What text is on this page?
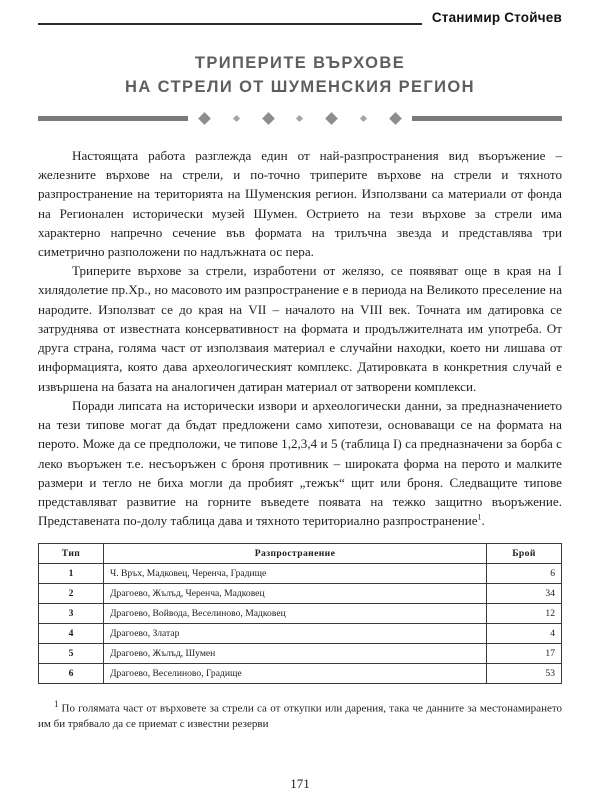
Станимир Стойчев
ТРИПЕРИТЕ ВЪРХОВЕ
НА СТРЕЛИ ОТ ШУМЕНСКИЯ РЕГИОН

Настоящата работа разглежда един от най-разпространения вид въоръжение – железните върхове на стрели, и по-точно триперите върхове на стрели и тяхното разпространение на територията на Шуменския регион. Използвани са материали от фонда на Регионален исторически музей Шумен. Острието на тези върхове за стрели има характерно напречно сечение във формата на трилъчна звезда и представлява три симетрично разположени по надлъжната ос пера.

Триперите върхове за стрели, изработени от желязо, се появяват още в края на I хилядолетие пр.Хр., но масовото им разпространение е в периода на Великото преселение на народите. Използват се до края на VII – началото на VIII век. Точната им датировка се затруднява от известната консервативност на формата и продължителната им употреба. От друга страна, голяма част от използваия материал е случайни находки, което ни лишава от информацията, която дава археологическият комплекс. Датировката в конкретния случай е извършена на базата на аналогичен датиран материал от затворени комплекси.

Поради липсата на исторически извори и археологически данни, за предназначението на тези типове могат да бъдат предложени само хипотези, основаващи се на формата на перото. Може да се предположи, че типове 1,2,3,4 и 5 (таблица I) са предназначени за борба с леко въоръжен т.е. несъоръжен с броня противник – широката форма на перото и малките размери и тегло не биха могли да пробият „тежък“ щит или броня. Следващите типове представляват развитие на горните въведете появата на тежко защитно въоръжение. Представената по-долу таблица дава и тяхното териториално разпространение$^1$.

Тип	Разпространение	Брой
1	Ч. Връх, Мадковец, Черенча, Градище	6
2	Драгоево, Жълъд, Черенча, Мадковец	34
3	Драгоево, Войвода, Веселиново, Мадковец	12
4	Драгоево, Златар	4
5	Драгоево, Жълъд, Шумен	17
6	Драгоево, Веселиново, Градище	53

$^1$ По голямата част от върховете за стрели са от откупки или дарения, така че данните за местонамирането им би трябвало да се приемат с известни резерви

171
